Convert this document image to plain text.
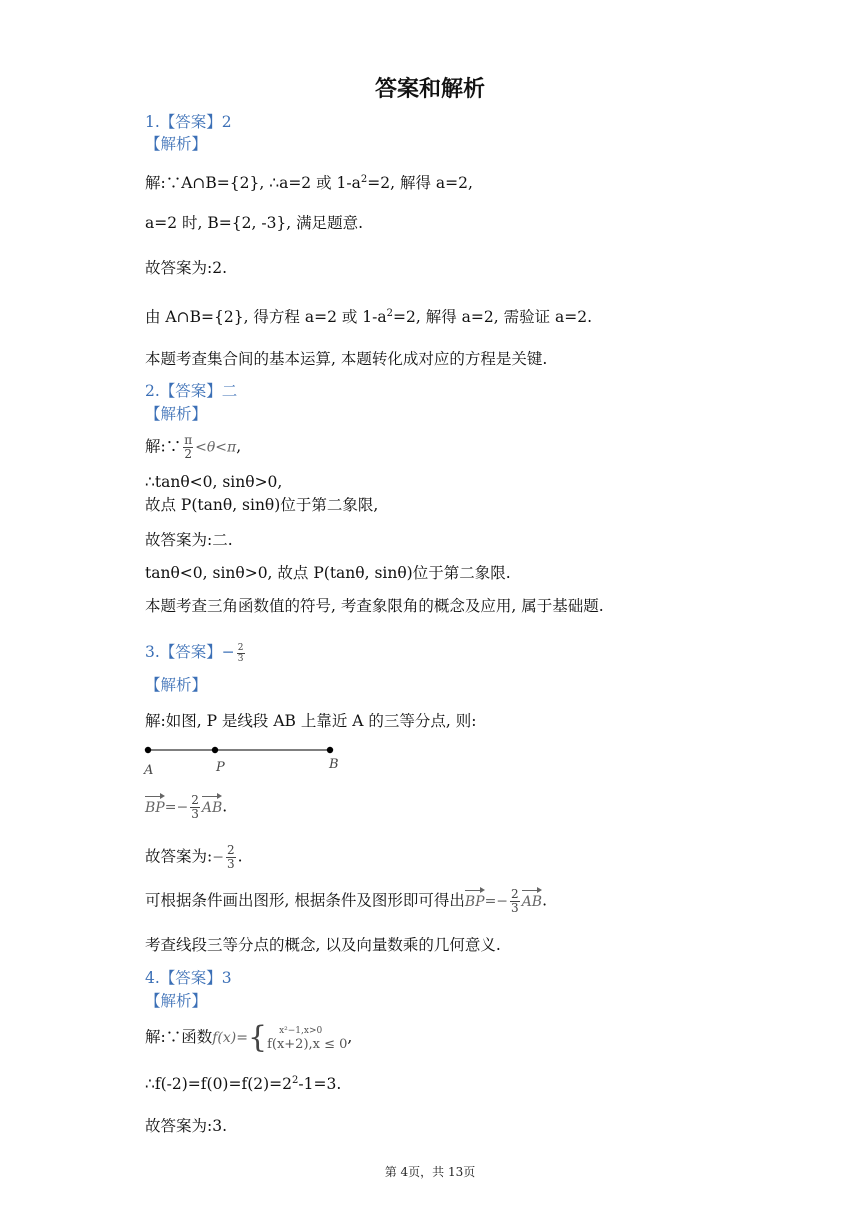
答案和解析
1.【答案】2
【解析】
解:∵A∩B={2}, ∴a=2 或 $1-a^2=2$, 解得 a=2,
a=2 时, B={2, -3}, 满足题意.
故答案为:2.
由 A∩B={2}, 得方程 a=2 或 $1-a^2=2$, 解得 a=2, 需验证 a=2.
本题考查集合间的基本运算, 本题转化成对应的方程是关键.
2.【答案】二
【解析】
解:∵ $\frac{\pi}{2} <\theta<\pi$,
∴tanθ<0, sinθ>0,
故点 P(tanθ, sinθ)位于第二象限,
故答案为:二.
tanθ<0, sinθ>0, 故点 P(tanθ, sinθ)位于第二象限.
本题考查三角函数值的符号, 考查象限角的概念及应用, 属于基础题.
3.【答案】− $\frac{2}{3}$
【解析】
解:如图, P 是线段 AB 上靠近 A 的三等分点, 则:
A	P	B
$BP=- \frac{2}{3}$ AB.
故答案为:− $\frac{2}{3}$ .
可根据条件画出图形, 根据条件及图形即可得出$BP=- \frac{2}{3}$ AB.
考查线段三等分点的概念, 以及向量数乘的几何意义.
4.【答案】3
【解析】
解:∵函数f(x)={	x²−1,x>0
f(x+2),x ≤ 0 ,
$\therefore f(-2)=f(0)=f(2)=2^2-1=3$.
故答案为:3.
第 4页，共 13页
